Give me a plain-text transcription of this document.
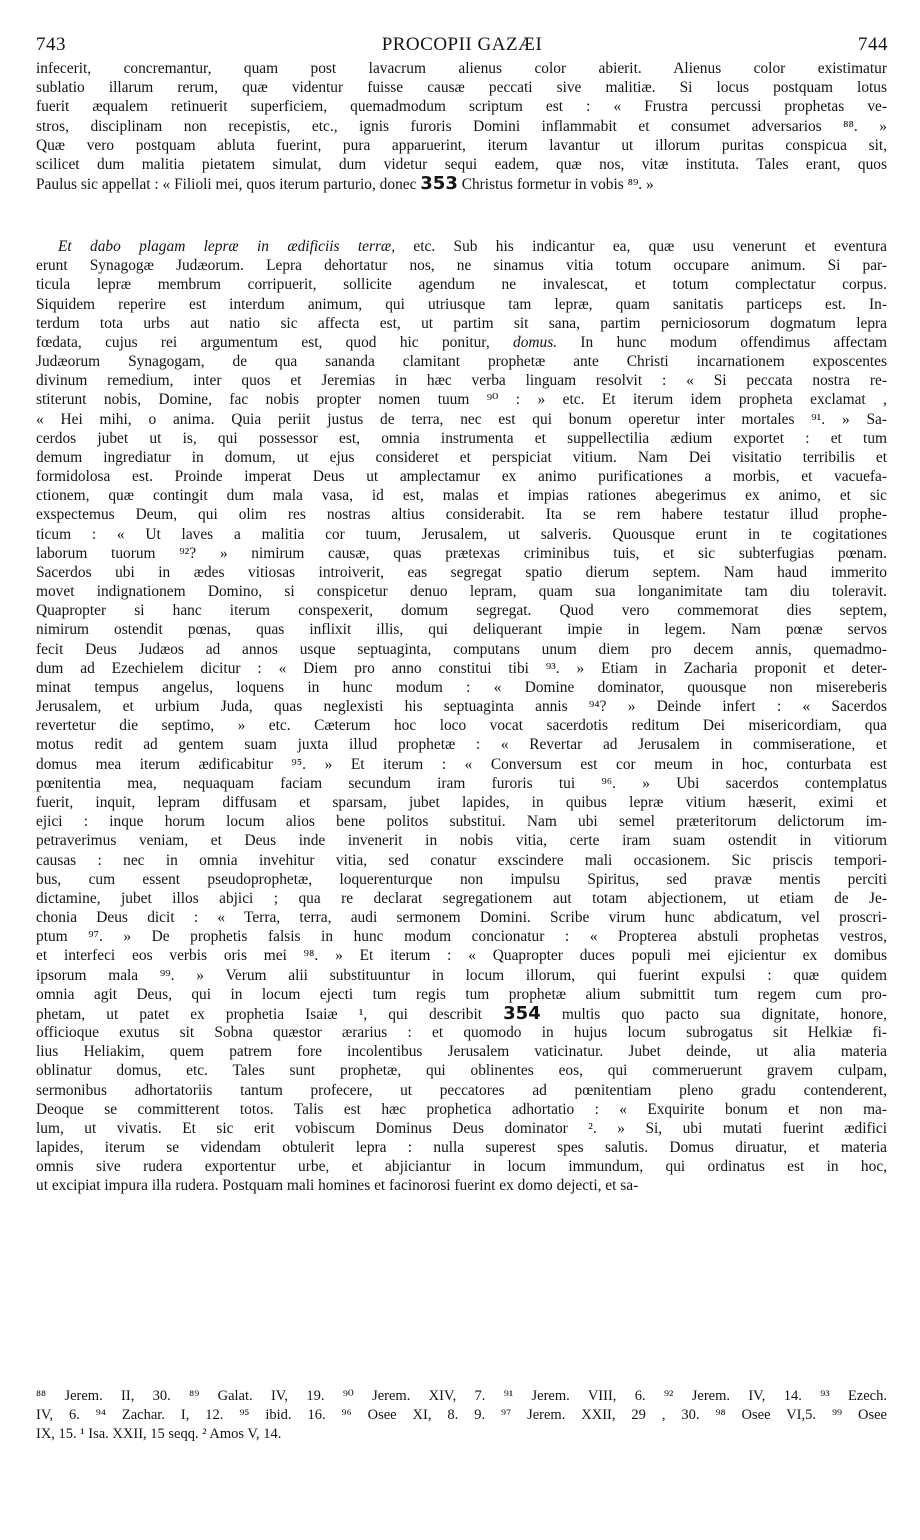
743	PROCOPII GAZÆI	744
infecerit, concremantur, quam post lavacrum alienus color abierit. Alienus color existimatur
sublatio illarum rerum, quæ videntur fuisse causæ peccati sive malitiæ. Si locus postquam lotus
fuerit æqualem retinuerit superficiem, quemadmodum scriptum est : « Frustra percussi prophetas ve-
stros, disciplinam non recepistis, etc., ignis furoris Domini inflammabit et consumet adversarios ⁸⁸. »
Quæ vero postquam abluta fuerint, pura apparuerint, iterum lavantur ut illorum puritas conspicua sit,
scilicet dum malitia pietatem simulat, dum videtur sequi eadem, quæ nos, vitæ instituta. Tales erant, quos
Paulus sic appellat : « Filioli mei, quos iterum parturio, donec 353 Christus formetur in vobis ⁸⁹. »
Et dabo plagam lepræ in ædificiis terræ, etc. Sub his indicantur ea, quæ usu venerunt et eventura
erunt Synagogæ Judæorum. Lepra dehortatur nos, ne sinamus vitia totum occupare animum. Si par-
ticula lepræ membrum corripuerit, sollicite agendum ne invalescat, et totum complectatur corpus.
Siquidem reperire est interdum animum, qui utriusque tam lepræ, quam sanitatis particeps est. In-
terdum tota urbs aut natio sic affecta est, ut partim sit sana, partim perniciosorum dogmatum lepra
fœdata, cujus rei argumentum est, quod hic ponitur, domus. In hunc modum offendimus affectam
Judæorum Synagogam, de qua sananda clamitant prophetæ ante Christi incarnationem exposcentes
divinum remedium, inter quos et Jeremias in hæc verba linguam resolvit : « Si peccata nostra re-
stiterunt nobis, Domine, fac nobis propter nomen tuum ⁹⁰ : » etc. Et iterum idem propheta exclamat ,
« Hei mihi, o anima. Quia periit justus de terra, nec est qui bonum operetur inter mortales ⁹¹. » Sa-
cerdos jubet ut is, qui possessor est, omnia instrumenta et suppellectilia ædium exportet : et tum
demum ingrediatur in domum, ut ejus consideret et perspiciat vitium. Nam Dei visitatio terribilis et
formidolosa est. Proinde imperat Deus ut amplectamur ex animo purificationes a morbis, et vacuefa-
ctionem, quæ contingit dum mala vasa, id est, malas et impias rationes abegerimus ex animo, et sic
exspectemus Deum, qui olim res nostras altius considerabit. Ita se rem habere testatur illud prophe-
ticum : « Ut laves a malitia cor tuum, Jerusalem, ut salveris. Quousque erunt in te cogitationes
laborum tuorum ⁹²? » nimirum causæ, quas prætexas criminibus tuis, et sic subterfugias pœnam.
Sacerdos ubi in ædes vitiosas introiverit, eas segregat spatio dierum septem. Nam haud immerito
movet indignationem Domino, si conspicetur denuo lepram, quam sua longanimitate tam diu toleravit.
Quapropter si hanc iterum conspexerit, domum segregat. Quod vero commemorat dies septem,
nimirum ostendit pœnas, quas inflixit illis, qui deliquerant impie in legem. Nam pœnæ servos
fecit Deus Judæos ad annos usque septuaginta, computans unum diem pro decem annis, quemadmo-
dum ad Ezechielem dicitur : « Diem pro anno constitui tibi ⁹³. » Etiam in Zacharia proponit et deter-
minat tempus angelus, loquens in hunc modum : « Domine dominator, quousque non misereberis
Jerusalem, et urbium Juda, quas neglexisti his septuaginta annis ⁹⁴? » Deinde infert : « Sacerdos
revertetur die septimo, » etc. Cæterum hoc loco vocat sacerdotis reditum Dei misericordiam, qua
motus redit ad gentem suam juxta illud prophetæ : « Revertar ad Jerusalem in commiseratione, et
domus mea iterum ædificabitur ⁹⁵. » Et iterum : « Conversum est cor meum in hoc, conturbata est
pœnitentia mea, nequaquam faciam secundum iram furoris tui ⁹⁶. » Ubi sacerdos contemplatus
fuerit, inquit, lepram diffusam et sparsam, jubet lapides, in quibus lepræ vitium hæserit, eximi et
ejici : inque horum locum alios bene politos substitui. Nam ubi semel præteritorum delictorum im-
petraverimus veniam, et Deus inde invenerit in nobis vitia, certe iram suam ostendit in vitiorum
causas : nec in omnia invehitur vitia, sed conatur exscindere mali occasionem. Sic priscis tempori-
bus, cum essent pseudoprophetæ, loquerenturque non impulsu Spiritus, sed pravæ mentis perciti
dictamine, jubet illos abjici ; qua re declarat segregationem aut totam abjectionem, ut etiam de Je-
chonia Deus dicit : « Terra, terra, audi sermonem Domini. Scribe virum hunc abdicatum, vel proscri-
ptum ⁹⁷. » De prophetis falsis in hunc modum concionatur : « Propterea abstuli prophetas vestros,
et interfeci eos verbis oris mei ⁹⁸. » Et iterum : « Quapropter duces populi mei ejicientur ex domibus
ipsorum mala ⁹⁹. » Verum alii substituuntur in locum illorum, qui fuerint expulsi : quæ quidem
omnia agit Deus, qui in locum ejecti tum regis tum prophetæ alium submittit tum regem cum pro-
phetam, ut patet ex prophetia Isaiæ ¹, qui describit 354 multis quo pacto sua dignitate, honore,
officioque exutus sit Sobna quæstor ærarius : et quomodo in hujus locum subrogatus sit Helkiæ fi-
lius Heliakim, quem patrem fore incolentibus Jerusalem vaticinatur. Jubet deinde, ut alia materia
oblinatur domus, etc. Tales sunt prophetæ, qui oblinentes eos, qui commeruerunt gravem culpam,
sermonibus adhortatoriis tantum profecere, ut peccatores ad pœnitentiam pleno gradu contenderent,
Deoque se committerent totos. Talis est hæc prophetica adhortatio : « Exquirite bonum et non ma-
lum, ut vivatis. Et sic erit vobiscum Dominus Deus dominator ². » Si, ubi mutati fuerint ædifici
lapides, iterum se videndam obtulerit lepra : nulla superest spes salutis. Domus diruatur, et materia
omnis sive rudera exportentur urbe, et abjiciantur in locum immundum, qui ordinatus est in hoc,
ut excipiat impura illa rudera. Postquam mali homines et facinorosi fuerint ex domo dejecti, et sa-
⁸⁸ Jerem. II, 30. ⁸⁹ Galat. IV, 19. ⁹⁰ Jerem. XIV, 7. ⁹¹ Jerem. VIII, 6. ⁹² Jerem. IV, 14. ⁹³ Ezech.
IV, 6. ⁹⁴ Zachar. I, 12. ⁹⁵ ibid. 16. ⁹⁶ Osee XI, 8. 9. ⁹⁷ Jerem. XXII, 29 , 30. ⁹⁸ Osee VI,5. ⁹⁹ Osee
IX, 15. ¹ Isa. XXII, 15 seqq. ² Amos V, 14.
